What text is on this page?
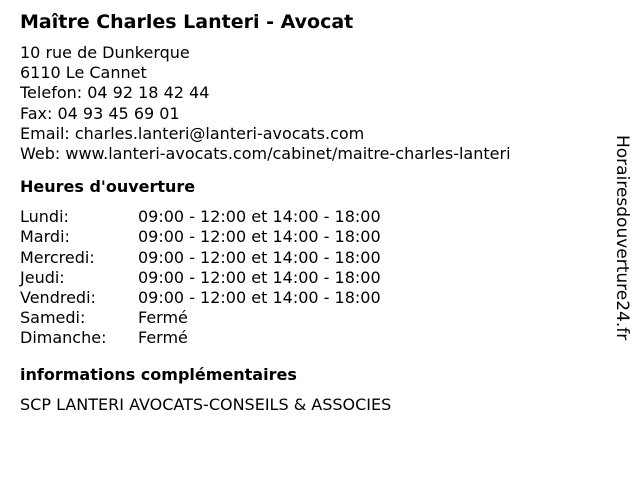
Maître Charles Lanteri - Avocat
10 rue de Dunkerque
6110 Le Cannet
Telefon: 04 92 18 42 44
Fax: 04 93 45 69 01
Email: charles.lanteri@lanteri-avocats.com
Web: www.lanteri-avocats.com/cabinet/maitre-charles-lanteri
Heures d'ouverture
Lundi:	09:00 - 12:00 et 14:00 - 18:00
Mardi:	09:00 - 12:00 et 14:00 - 18:00
Mercredi:	09:00 - 12:00 et 14:00 - 18:00
Jeudi:	09:00 - 12:00 et 14:00 - 18:00
Vendredi:	09:00 - 12:00 et 14:00 - 18:00
Samedi:	Fermé
Dimanche:	Fermé
informations complémentaires
SCP LANTERI AVOCATS-CONSEILS & ASSOCIES
Horairesdouverture24.fr
